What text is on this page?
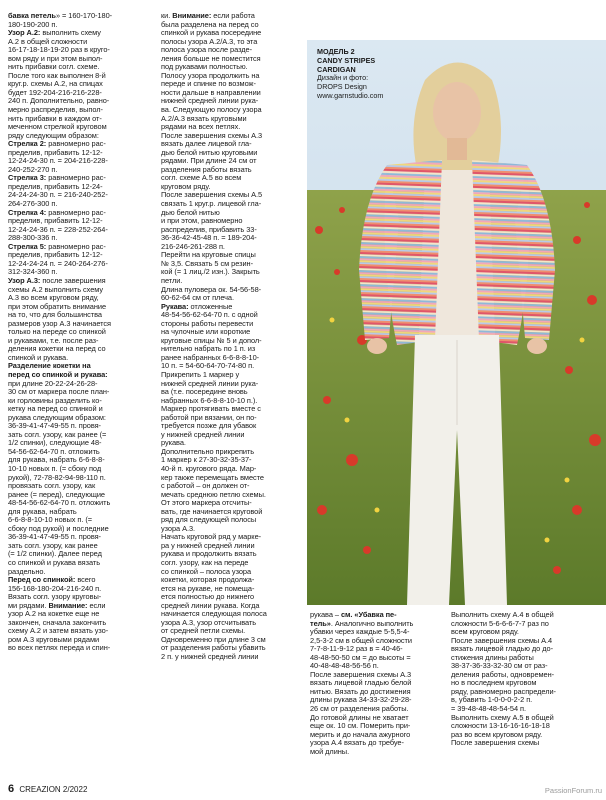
бавка петель» = 160-170-180-

180-190-200 п.

Узор А.2: выполнить схему

А.2 в общей сложности

16-17-18-18-19-20 раз в круго-

вом ряду и при этом выпол-

нить прибавки согл. схеме.

После того как выполнен 8-й

круг.р. схемы А.2, на спицах

будет 192-204-216-216-228-

240 п. Дополнительно, равно-

мерно распределив, выпол-

нить прибавки в каждом от-

меченном стрелкой круговом

ряду следующим образом:

Стрелка 2: равномерно рас-

пределив, прибавить 12-12-

12-24-24-30 п. = 204-216-228-

240-252-270 п.

Стрелка 3: равномерно рас-

пределив, прибавить 12-24-

24-24-24-30 п. = 216-240-252-

264-276-300 п.

Стрелка 4: равномерно рас-

пределив, прибавить 12-12-

12-24-24-36 п. = 228-252-264-

288-300-336 п.

Стрелка 5: равномерно рас-

пределив, прибавить 12-12-

12-24-24-24 п. = 240-264-276-

312-324-360 п.

Узор А.3: после завершения

схемы А.2 выполнить схему

А.3 во всем круговом ряду,

при этом обратить внимание

на то, что для большинства

размеров узор А.3 начинается

только на переде со спинкой

и рукавами, т.е. после раз-

деления кокетки на перед со

спинкой и рукава.

Разделение кокетки на

перед со спинкой и рукава:

при длине 20-22-24-26-28-

30 см от маркера после план-

ки горловины разделить ко-

кетку на перед со спинкой и

рукава следующим образом:

36-39-41-47-49-55 п. провя-

зать согл. узору, как ранее (=

1/2 спинки), следующие 48-

54-56-62-64-70 п. отложить

для рукава, набрать 6-6-8-8-

10-10 новых п. (= сбоку под

рукой), 72-78-82-94-98-110 п.

провязать согл. узору, как

ранее (= перед), следующие

48-54-56-62-64-70 п. отложить

для рукава, набрать

6-6-8-8-10-10 новых п. (=

сбоку под рукой) и последние

36-39-41-47-49-55 п. провя-

зать согл. узору, как ранее

(= 1/2 спинки). Далее перед

со спинкой и рукава вязать

раздельно.

Перед со спинкой: всего

156-168-180-204-216-240 п.

Вязать согл. узору круговы-

ми рядами. Внимание: если

узор А.2 на кокетке еще не

закончен, сначала закончить

схему А.2 и затем вязать узо-

ром А.3 круговыми рядами

во всех петлях переда и спин-

ки. Внимание: если работа

была разделена на перед со

спинкой и рукава посередине

полосы узора А.2/А.3, то эта

полоса узора после разде-

ления больше не поместится

под рукавами полностью.

Полосу узора продолжить на

переде и спинке по возмож-

ности дальше в направлении

нижней средней линии рука-

ва. Следующую полосу узора

А.2/А.3 вязать круговыми

рядами на всех петлях.

После завершения схемы А.3

вязать далее лицевой гла-

дью белой нитью круговыми

рядами. При длине 24 см от

разделения работы вязать

согл. схеме А.5 во всем

круговом ряду.

После завершения схемы А.5

связать 1 круг.р. лицевой гла-

дью белой нитью

и при этом, равномерно

распределив, прибавить 33-

36-36-42-45-48 п. = 189-204-

216-246-261-288 п.

Перейти на круговые спицы

№ 3,5. Связать 5 см резин-

кой (= 1 лиц./2 изн.). Закрыть

петли.

Длина пуловера ок. 54-56-58-

60-62-64 см от плеча.

Рукава: отложенные

48-54-56-62-64-70 п. с одной

стороны работы перевести

на чулочные или короткие

круговые спицы № 5 и допол-

нительно набрать по 1 п. из

ранее набранных 6-6-8-8-10-

10 п. = 54-60-64-70-74-80 п.

Прикрепить 1 маркер у

нижней средней линии рука-

ва (т.е. посередине вновь

набранных 6-6-8-8-10-10 п.).

Маркер протягивать вместе с

работой при вязании, он по-

требуется позже для убавок

у нижней средней линии

рукава.

Дополнительно прикрепить

1 маркер к 27-30-32-35-37-

40-й п. кругового ряда. Мар-

кер также перемещать вместе

с работой – он должен от-

мечать среднюю петлю схемы.

От этого маркера отсчиты-

вать, где начинается круговой

ряд для следующей полосы

узора А.3.

Начать круговой ряд у марке-

ра у нижней средней линии

рукава и продолжить вязать

согл. узору, как на переде

со спинкой – полоса узора

кокетки, которая продолжа-

ется на рукаве, не помеща-

ется полностью до нижнего

средней линии рукава. Когда

начинается следующая полоса

узора А.3, узор отсчитывать

от средней петли схемы.

Одновременно при длине 3 см

от разделения работы убавить

2 п. у нижней средней линии

МОДЕЛЬ 2
CANDY STRIPES
CARDIGAN
Дизайн и фото:
DROPS Design
www.garnstudio.com

рукава – см. «Убавка пе-

тель». Аналогично выполнить

убавки через каждые 5-5,5-4-

2,5-3-2 см в общей сложности

7-7-8-11-9-12 раз в = 40-46-

48-48-50-50 см = до высоты =

40-48-48-48-56-56 п.

После завершения схемы А.3

вязать лицевой гладью белой

нитью. Вязать до достижения

длины рукава 34-33-32-29-28-

26 см от разделения работы.

До готовой длины не хватает

еще ок. 10 см. Померить при-

мерить и до начала ажурного

узора А.4 вязать до требуе-

мой длины.

Выполнить схему А.4 в общей

сложности 5-6-6-6-7-7 раз по

всем круговом ряду.

После завершения схемы А.4

вязать лицевой гладью до до-

стижения длины работы

38-37-36-33-32-30 см от раз-

деления работы, одновремен-

но в последнем круговом

ряду, равномерно распредели-

в, убавить 1-0-0-0-2-2 п.

= 39-48-48-48-54-54 п.

Выполнить схему А.5 в общей

сложности 13-16-16-16-18-18

раз во всем круговом ряду.

После завершения схемы

6 CREAZION 2/2022	PassionForum.ru
